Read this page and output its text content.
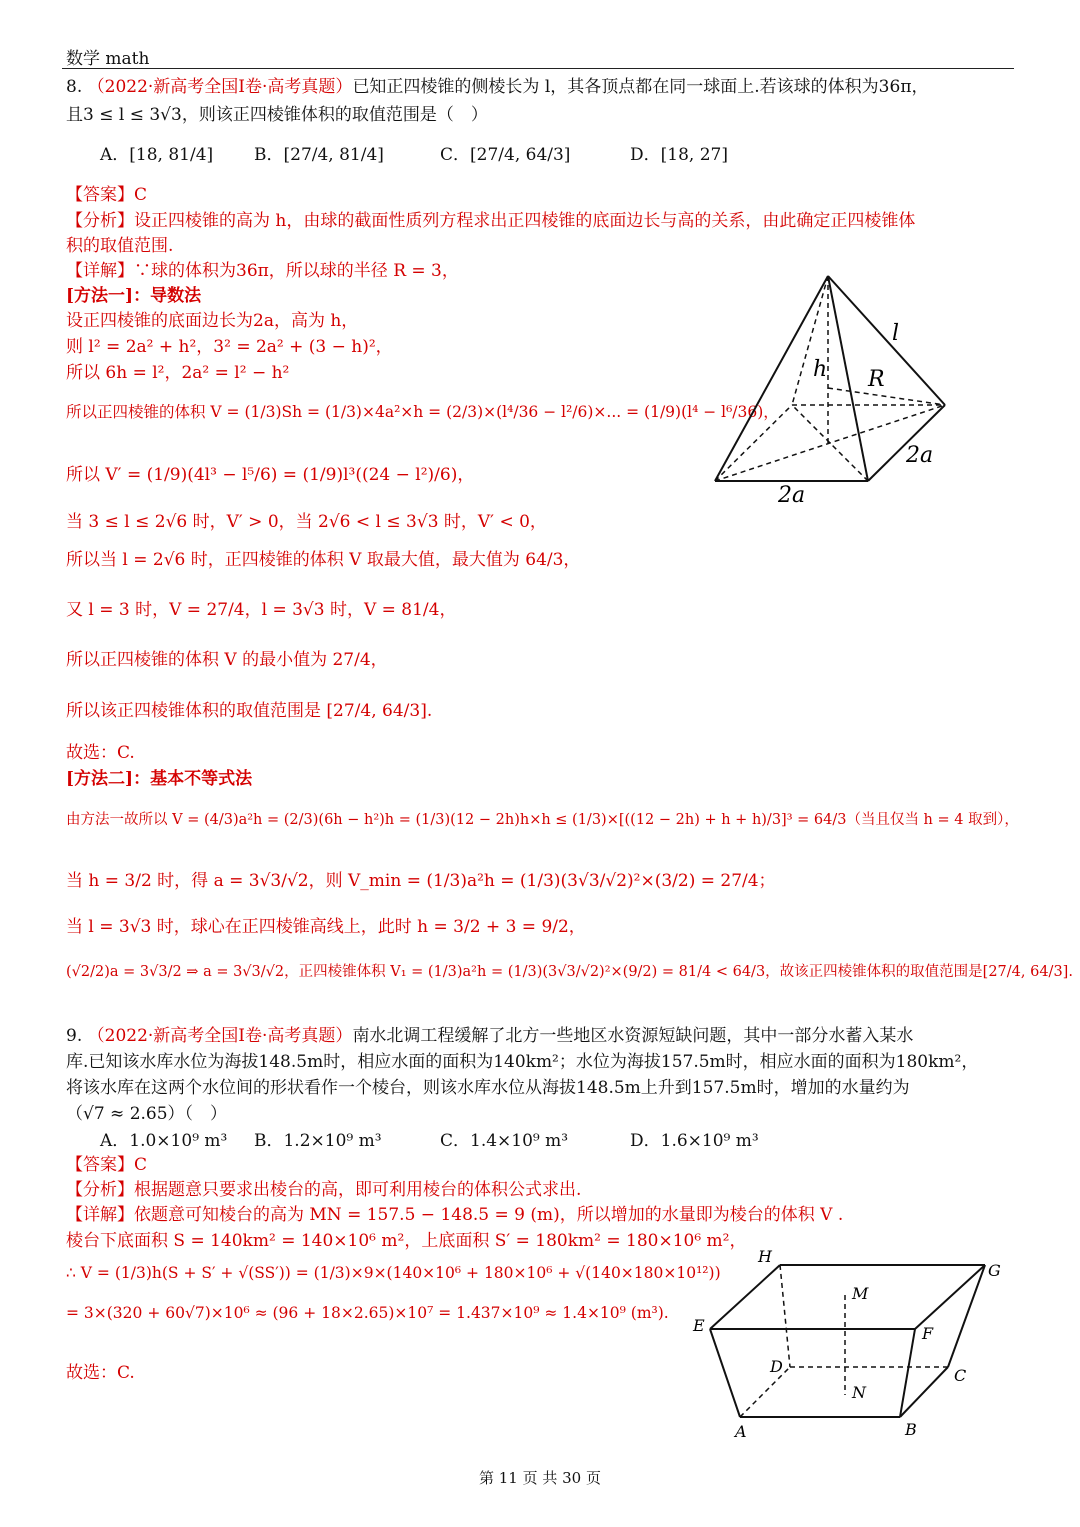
数学 math
8. （2022·新高考全国Ⅰ卷·高考真题）已知正四棱锥的侧棱长为 l，其各顶点都在同一球面上.若该球的体积为36π，
且3 ≤ l ≤ 3√3，则该正四棱锥体积的取值范围是（　）
A．[18, 81/4] B．[27/4, 81/4]	C．[27/4, 64/3]	D．[18, 27]
【答案】C
【分析】设正四棱锥的高为 h，由球的截面性质列方程求出正四棱锥的底面边长与高的关系，由此确定正四棱锥体
积的取值范围.
【详解】∵球的体积为36π，所以球的半径 R = 3，
[方法一]：导数法
设正四棱锥的底面边长为2a，高为 h，
则 l² = 2a² + h²，3² = 2a² + (3 − h)²，
所以 6h = l²，2a² = l² − h²
所以正四棱锥的体积 V = (1/3)Sh = (1/3)×4a²×h = (2/3)×(l⁴/36 − l²/6)×... = (1/9)(l⁴ − l⁶/36)，
所以 V′ = (1/9)(4l³ − l⁵/6) = (1/9)l³((24 − l²)/6)，
当 3 ≤ l ≤ 2√6 时，V′ > 0，当 2√6 < l ≤ 3√3 时，V′ < 0，
所以当 l = 2√6 时，正四棱锥的体积 V 取最大值，最大值为 64/3，
又 l = 3 时，V = 27/4，l = 3√3 时，V = 81/4，
所以正四棱锥的体积 V 的最小值为 27/4，
所以该正四棱锥体积的取值范围是 [27/4, 64/3].
故选：C.
[方法二]：基本不等式法
由方法一故所以 V = (4/3)a²h = (2/3)(6h − h²)h = (1/3)(12 − 2h)h×h ≤ (1/3)×[((12 − 2h) + h + h)/3]³ = 64/3（当且仅当 h = 4 取到），
当 h = 3/2 时，得 a = 3√3/√2，则 V_min = (1/3)a²h = (1/3)(3√3/√2)²×(3/2) = 27/4；
当 l = 3√3 时，球心在正四棱锥高线上，此时 h = 3/2 + 3 = 9/2，
(√2/2)a = 3√3/2 ⇒ a = 3√3/√2，正四棱锥体积 V₁ = (1/3)a²h = (1/3)(3√3/√2)²×(9/2) = 81/4 < 64/3，故该正四棱锥体积的取值范围是[27/4, 64/3].
l
h R
2a
2a
9. （2022·新高考全国Ⅰ卷·高考真题）南水北调工程缓解了北方一些地区水资源短缺问题，其中一部分水蓄入某水
库.已知该水库水位为海拔148.5m时，相应水面的面积为140km²；水位为海拔157.5m时，相应水面的面积为180km²，
将该水库在这两个水位间的形状看作一个棱台，则该水库水位从海拔148.5m上升到157.5m时，增加的水量约为
（√7 ≈ 2.65）（　）
A．1.0×10⁹ m³ B．1.2×10⁹ m³	C．1.4×10⁹ m³	D．1.6×10⁹ m³
【答案】C
【分析】根据题意只要求出棱台的高，即可利用棱台的体积公式求出.
【详解】依题意可知棱台的高为 MN = 157.5 − 148.5 = 9 (m)，所以增加的水量即为棱台的体积 V .
棱台下底面积 S = 140km² = 140×10⁶ m²，上底面积 S′ = 180km² = 180×10⁶ m²，
∴ V = (1/3)h(S + S′ + √(SS′)) = (1/3)×9×(140×10⁶ + 180×10⁶ + √(140×180×10¹²))
= 3×(320 + 60√7)×10⁶ ≈ (96 + 18×2.65)×10⁷ = 1.437×10⁹ ≈ 1.4×10⁹ (m³).
故选：C.
H
G
M
E	F
D	C
N
A	B
第 11 页 共 30 页
